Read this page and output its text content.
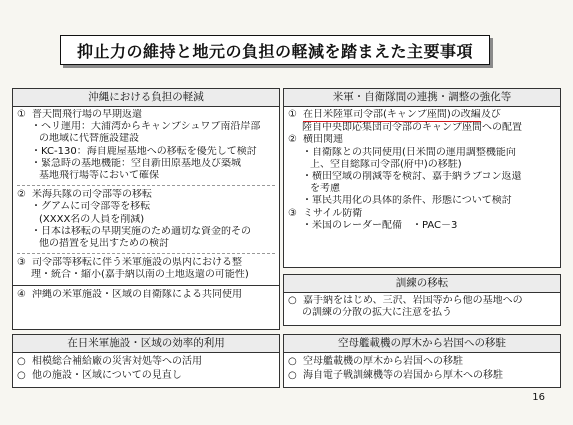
抑止力の維持と地元の負担の軽減を踏まえた主要事項
沖縄における負担の軽減
① 普天間飛行場の早期返還
・ヘリ運用：大浦湾からキャンプシュワブ南沿岸部
の地域に代替施設建設
・KC-130：海自鹿屋基地への移転を優先して検討
・緊急時の基地機能：空自新田原基地及び築城
基地飛行場等において確保
② 米海兵隊の司令部等の移転
・グアムに司令部等を移転
(XXXX名の人員を削減)
・日本は移転の早期実施のため適切な資金的その
他の措置を見出すための検討
③ 司令部等移転に伴う米軍施設の県内における整
理・統合・縮小(嘉手納以南の土地返還の可能性)
④ 沖縄の米軍施設・区域の自衛隊による共同使用
米軍・自衛隊間の連携・調整の強化等
① 在日米陸軍司令部(キャンプ座間)の改編 及び
陸自中央即応集団司令部のキャンプ座間への配置
② 横田関連
・自衛隊との共同使用(日米間の運用調整機能向
上、空自総隊司令部(府中)の移駐)
・横田空域の削減等を検討、嘉手納ラプコン返還
を考慮
・軍民共用化の具体的条件、形態について検討
③ ミサイル防衛
・米国のレーダー配備　・PAC－3
訓練の移転
○ 嘉手納をはじめ、三沢、岩国等から他の基地への
の訓練の分散の拡大に注意を払う
在日米軍施設・区域の効率的利用
○ 相模総合補給廠の災害対処等への活用
○ 他の施設・区域についての見直し
空母艦載機の厚木から岩国への移駐
○ 空母艦載機の厚木から岩国への移駐
○ 海自電子戦訓練機等の岩国から厚木への移駐
16
